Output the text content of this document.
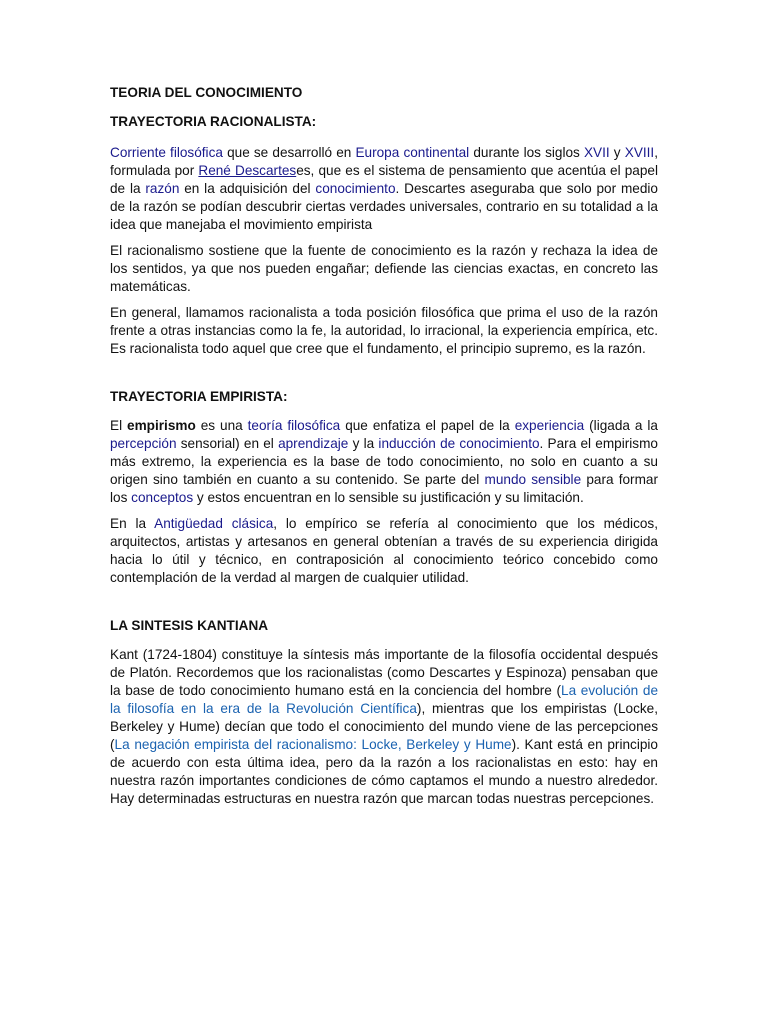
TEORIA DEL CONOCIMIENTO
TRAYECTORIA RACIONALISTA:

Corriente filosófica que se desarrolló en Europa continental durante los siglos XVII y XVIII, formulada por René Descarteses, que es el sistema de pensamiento que acentúa el papel de la razón en la adquisición del conocimiento. Descartes aseguraba que solo por medio de la razón se podían descubrir ciertas verdades universales, contrario en su totalidad a la idea que manejaba el movimiento empirista

El racionalismo sostiene que la fuente de conocimiento es la razón y rechaza la idea de los sentidos, ya que nos pueden engañar; defiende las ciencias exactas, en concreto las matemáticas.

En general, llamamos racionalista a toda posición filosófica que prima el uso de la razón frente a otras instancias como la fe, la autoridad, lo irracional, la experiencia empírica, etc. Es racionalista todo aquel que cree que el fundamento, el principio supremo, es la razón.

TRAYECTORIA EMPIRISTA:

El empirismo es una teoría filosófica que enfatiza el papel de la experiencia (ligada a la percepción sensorial) en el aprendizaje y la inducción de conocimiento. Para el empirismo más extremo, la experiencia es la base de todo conocimiento, no solo en cuanto a su origen sino también en cuanto a su contenido. Se parte del mundo sensible para formar los conceptos y estos encuentran en lo sensible su justificación y su limitación.

En la Antigüedad clásica, lo empírico se refería al conocimiento que los médicos, arquitectos, artistas y artesanos en general obtenían a través de su experiencia dirigida hacia lo útil y técnico, en contraposición al conocimiento teórico concebido como contemplación de la verdad al margen de cualquier utilidad.

LA SINTESIS KANTIANA

Kant (1724-1804) constituye la síntesis más importante de la filosofía occidental después de Platón. Recordemos que los racionalistas (como Descartes y Espinoza) pensaban que la base de todo conocimiento humano está en la conciencia del hombre (La evolución de la filosofía en la era de la Revolución Científica), mientras que los empiristas (Locke, Berkeley y Hume) decían que todo el conocimiento del mundo viene de las percepciones (La negación empirista del racionalismo: Locke, Berkeley y Hume). Kant está en principio de acuerdo con esta última idea, pero da la razón a los racionalistas en esto: hay en nuestra razón importantes condiciones de cómo captamos el mundo a nuestro alrededor. Hay determinadas estructuras en nuestra razón que marcan todas nuestras percepciones.
